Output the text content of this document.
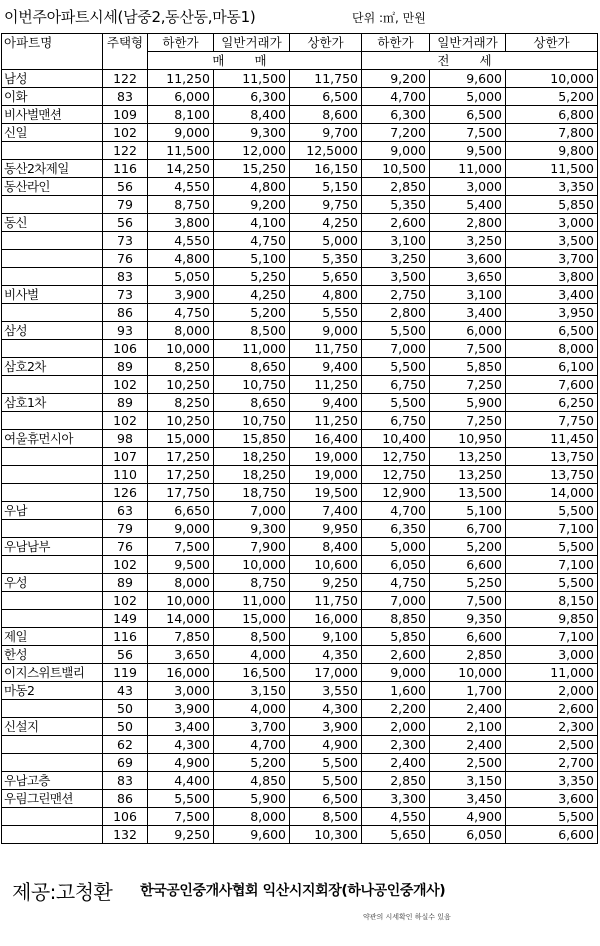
이번주아파트시세(남중2,동산동,마동1)	단위 :㎡, 만원
아파트명	주택형	하한가	일반거래가	상한가	하한가	일반거래가	상한가
		매매			전세		
남성	122	11,250	11,500	11,750	9,200	9,600	10,000
이화	83	6,000	6,300	6,500	4,700	5,000	5,200
비사벌맨션	109	8,100	8,400	8,600	6,300	6,500	6,800
신일	102	9,000	9,300	9,700	7,200	7,500	7,800
	122	11,500	12,000	12,5000	9,000	9,500	9,800
동산2차제일	116	14,250	15,250	16,150	10,500	11,000	11,500
동산라인	56	4,550	4,800	5,150	2,850	3,000	3,350
	79	8,750	9,200	9,750	5,350	5,400	5,850
동신	56	3,800	4,100	4,250	2,600	2,800	3,000
	73	4,550	4,750	5,000	3,100	3,250	3,500
	76	4,800	5,100	5,350	3,250	3,600	3,700
	83	5,050	5,250	5,650	3,500	3,650	3,800
비사벌	73	3,900	4,250	4,800	2,750	3,100	3,400
	86	4,750	5,200	5,550	2,800	3,400	3,950
삼성	93	8,000	8,500	9,000	5,500	6,000	6,500
	106	10,000	11,000	11,750	7,000	7,500	8,000
삼호2차	89	8,250	8,650	9,400	5,500	5,850	6,100
	102	10,250	10,750	11,250	6,750	7,250	7,600
삼호1차	89	8,250	8,650	9,400	5,500	5,900	6,250
	102	10,250	10,750	11,250	6,750	7,250	7,750
여울휴먼시아	98	15,000	15,850	16,400	10,400	10,950	11,450
	107	17,250	18,250	19,000	12,750	13,250	13,750
	110	17,250	18,250	19,000	12,750	13,250	13,750
	126	17,750	18,750	19,500	12,900	13,500	14,000
우남	63	6,650	7,000	7,400	4,700	5,100	5,500
	79	9,000	9,300	9,950	6,350	6,700	7,100
우남남부	76	7,500	7,900	8,400	5,000	5,200	5,500
	102	9,500	10,000	10,600	6,050	6,600	7,100
우성	89	8,000	8,750	9,250	4,750	5,250	5,500
	102	10,000	11,000	11,750	7,000	7,500	8,150
	149	14,000	15,000	16,000	8,850	9,350	9,850
제일	116	7,850	8,500	9,100	5,850	6,600	7,100
한성	56	3,650	4,000	4,350	2,600	2,850	3,000
이지스위트밸리	119	16,000	16,500	17,000	9,000	10,000	11,000
마동2	43	3,000	3,150	3,550	1,600	1,700	2,000
	50	3,900	4,000	4,300	2,200	2,400	2,600
신설지	50	3,400	3,700	3,900	2,000	2,100	2,300
	62	4,300	4,700	4,900	2,300	2,400	2,500
	69	4,900	5,200	5,500	2,400	2,500	2,700
우남고층	83	4,400	4,850	5,500	2,850	3,150	3,350
우림그린맨션	86	5,500	5,900	6,500	3,300	3,450	3,600
	106	7,500	8,000	8,500	4,550	4,900	5,500
	132	9,250	9,600	10,300	5,650	6,050	6,600
제공:고청환 한국공인중개사협회 익산시지회장(하나공인중개사)
약관의 시세확인 하실수 있음
